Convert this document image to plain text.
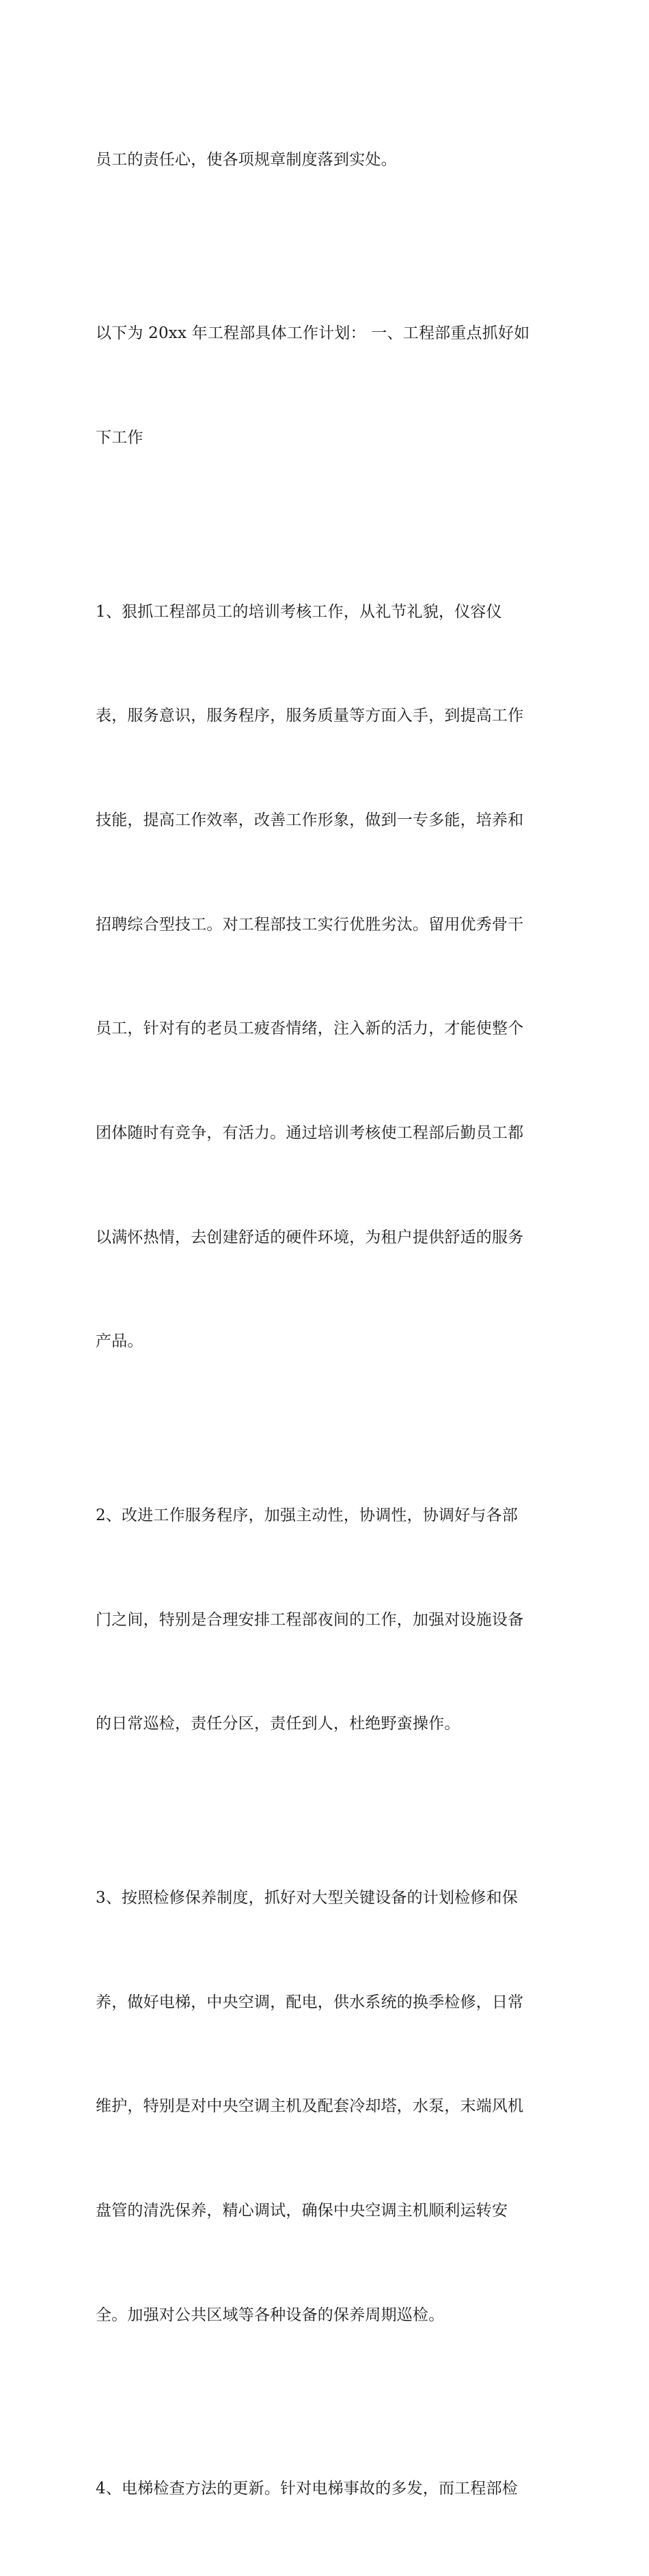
员工的责任心，使各项规章制度落到实处。

以下为 20xx 年工程部具体工作计划： 一、工程部重点抓好如

下工作

1、狠抓工程部员工的培训考核工作，从礼节礼貌，仪容仪

表，服务意识，服务程序，服务质量等方面入手，到提高工作

技能，提高工作效率，改善工作形象，做到一专多能，培养和

招聘综合型技工。对工程部技工实行优胜劣汰。留用优秀骨干

员工，针对有的老员工疲沓情绪，注入新的活力，才能使整个

团体随时有竞争，有活力。通过培训考核使工程部后勤员工都

以满怀热情，去创建舒适的硬件环境，为租户提供舒适的服务

产品。

2、改进工作服务程序，加强主动性，协调性，协调好与各部

门之间，特别是合理安排工程部夜间的工作，加强对设施设备

的日常巡检，责任分区，责任到人，杜绝野蛮操作。

3、按照检修保养制度，抓好对大型关键设备的计划检修和保

养，做好电梯，中央空调，配电，供水系统的换季检修，日常

维护，特别是对中央空调主机及配套冷却塔，水泵，末端风机

盘管的清洗保养，精心调试，确保中央空调主机顺利运转安

全。加强对公共区域等各种设备的保养周期巡检。

4、电梯检查方法的更新。针对电梯事故的多发，而工程部检
